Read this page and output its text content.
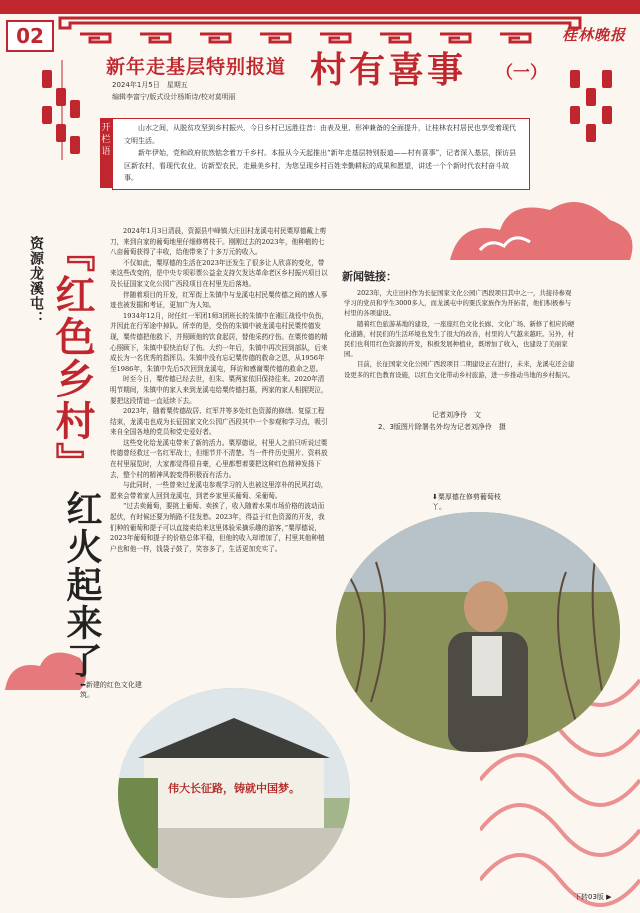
02	桂林晚报
新年走基层特别报道 村有喜事 （一）
2024年1月5日　星期五
编辑李富宁/版式设计杨斯诗/校对莫明丽
开栏语

山水之间，从脱贫攻坚到乡村振兴，今日乡村已远胜往昔：由表及里、形神兼备的全面提升，让桂林农村居民也享受着现代文明生活。

新年伊始，党和政府依然惦念着万千乡村。本报从今天起推出“新年走基层特别报道——村有喜事”，记者深入基层，探访县区新农村，看现代农业，访新型农民，走最美乡村，为您呈现乡村百姓幸勤耕耘的成果和愿望，讲述一个个新时代农村奋斗故事。

资源龙溪屯： 『红色乡村』
红火起来了

2024年1月3日清晨，资源县中峰镇大庄田村龙溪屯村民粟厚德戴上剪刀，来到自家的葡萄地里仔细修剪枝干。刚刚过去的2023年，他种植的七八亩葡萄获得了丰收，给他带来了十多万元的收入。

不仅如此，粟厚德的生活在2023年还发生了很多让人欣喜的变化，带来这些改变的，是中央专项彩票公益金支持欠发达革命老区乡村振兴项目以及长征国家文化公园广西段项目在村里先后落地。

伴随着项目的开发，红军街上朱镇中与龙溪屯村民粟传德之间的感人事迹也被发掘和考证，更加广为人知。

1934年12月，时任红一军团1师3团班长的朱镇中在湘江战役中负伤，并因此在行军途中掉队。所幸的是，受伤的朱镇中被龙溪屯村民粟传德发现，粟传德把他救下，并照顾他的饮食起居，替他采药疗伤。在粟传德的精心照顾下，朱镇中很快治好了伤。大约一年后，朱镇中再次回到部队，后来成长为一名优秀的指挥员。朱镇中没有忘记粟传德的救命之恩，从1956年至1986年，朱镇中先后5次回到龙溪屯，拜访和感谢粟传德的救命之恩。

时至今日，粟传德已经去世，但朱、粟两家依旧保持往来。2020年清明节期间，朱镇中的家人来到龙溪屯给粟传德扫墓，两家的家人相拥哭泣，要把这段情谊一直延续下去。

2023年，随着粟传德故居、红军井等多处红色资源的修缮、复原工程结束，龙溪屯也成为长征国家文化公园广西段其中一个参观和学习点，吸引来自全国各地的党员和党史爱好者。

这些变化给龙溪屯带来了新的活力。粟厚德说，村里人之前只听说过粟传德曾经救过一名红军战士，但细节并不清楚。当一件件历史照片、资料放在村里展览时，大家都觉得很自豪，心里都想着要把这种红色精神发扬下去，整个村的精神风貌变得积极而有活力。

与此同时，一些曾来过龙溪屯参观学习的人也被这里淳朴的民风打动，愿来会带着家人回到龙溪屯，到老乡家里买葡萄、采葡萄。

“过去卖葡萄，要挑上葡萄、卖挨了，收入随着水果市场价格的波动而起伏，有时候还要为销路不佳发愁。2023年，得益于红色资源的开发，我们种的葡萄和提子可以直接卖给来这里体验采摘乐趣的游客，”粟厚德说，2023年葡萄和提子的价格总体平稳，但他的收入却增加了，村里其他种植户也和他一样，钱袋子鼓了，笑容多了，生活更加充实了。

新闻链接：

2023年，大庄田村作为长征国家文化公园广西段项目其中之一，共接待参观学习的党员和学生3000多人，而龙溪屯中的粟氏家族作为开拓者，他们积极参与村里的各项建设。

随着红色旅游基地的建设，一座座红色文化长廊、文化广场、新修了相应的硬化道路，村民们的生活环境也发生了很大的改善，村里的人气越来越旺。另外，村民们也利用红色资源的开发，积极发展种植业，既增加了收入，也建设了美丽家园。

目前，长征国家文化公园广西段项目二期建设正在进行，未来，龙溪屯还会建设更多的红色教育设施，以红色文化带动乡村旅游，进一步推动当地的乡村振兴。

记者刘净伶　文
2、3版图片除署名外均为记者刘净伶　摄
⬇粟厚德在修剪葡萄枝丫。
⬅新建的红色文化建筑。
伟大长征路，铸就中国梦。
下转03版 ▶
